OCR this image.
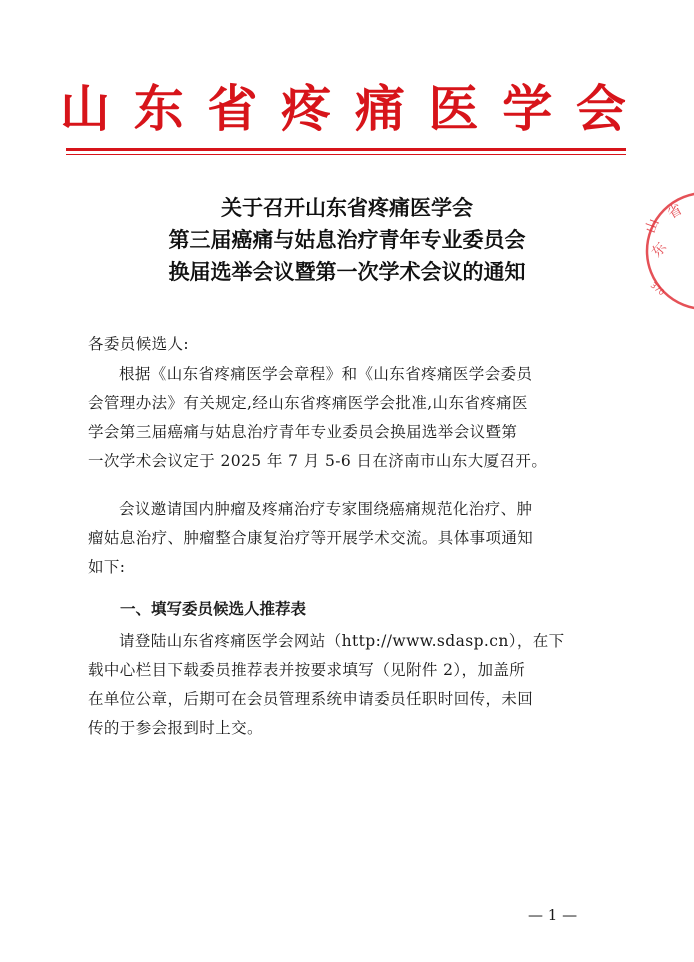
山 东 省 疼 痛 医 学 会
关于召开山东省疼痛医学会
第三届癌痛与姑息治疗青年专业委员会
换届选举会议暨第一次学术会议的通知
各委员候选人:
根据《山东省疼痛医学会章程》和《山东省疼痛医学会委员
会管理办法》有关规定,经山东省疼痛医学会批准,山东省疼痛医
学会第三届癌痛与姑息治疗青年专业委员会换届选举会议暨第
一次学术会议定于 2025 年 7 月 5-6 日在济南市山东大厦召开。
会议邀请国内肿瘤及疼痛治疗专家围绕癌痛规范化治疗、肿
瘤姑息治疗、肿瘤整合康复治疗等开展学术交流。具体事项通知
如下:
一、填写委员候选人推荐表
请登陆山东省疼痛医学会网站（http://www.sdasp.cn），在下
载中心栏目下载委员推荐表并按要求填写（见附件 2），加盖所
在单位公章，后期可在会员管理系统申请委员任职时回传，未回
传的于参会报到时上交。
— 1 —
山
东
省
370
